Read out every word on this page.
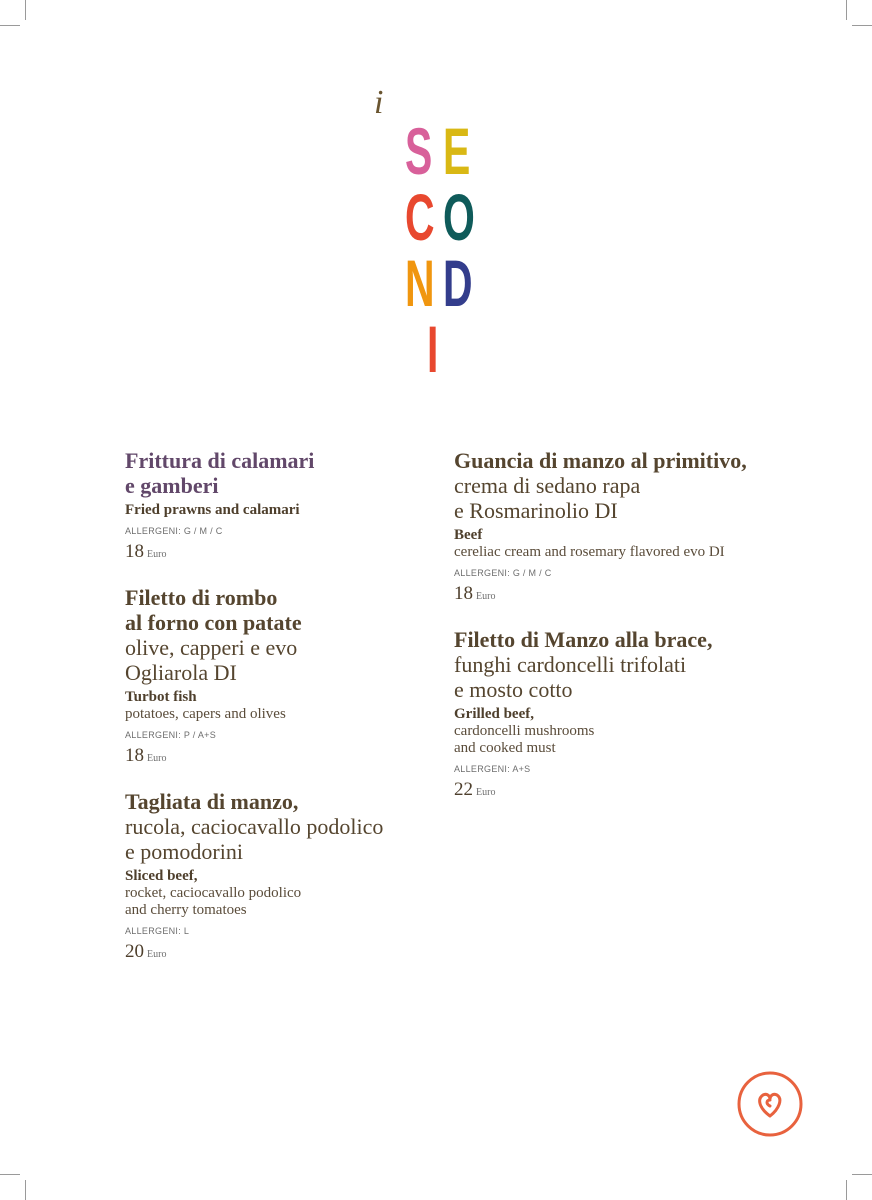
i
S E
C O
N D
I
Frittura di calamari
e gamberi
Fried prawns and calamari
ALLERGENI: G / M / C
18 Euro
Filetto di rombo
al forno con patate
olive, capperi e evo
Ogliarola DI
Turbot fish
potatoes, capers and olives
ALLERGENI: P / A+S
18 Euro
Tagliata di manzo,
rucola, caciocavallo podolico
e pomodorini
Sliced beef,
rocket, caciocavallo podolico
and cherry tomatoes
ALLERGENI: L
20 Euro
Guancia di manzo al primitivo,
crema di sedano rapa
e Rosmarinolio DI
Beef
cereliac cream and rosemary flavored evo DI
ALLERGENI: G / M / C
18 Euro
Filetto di Manzo alla brace,
funghi cardoncelli trifolati
e mosto cotto
Grilled beef,
cardoncelli mushrooms
and cooked must
ALLERGENI: A+S
22 Euro
